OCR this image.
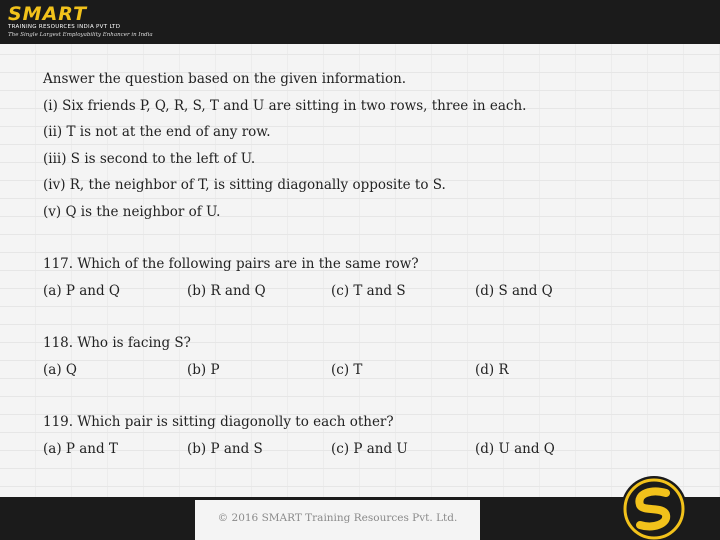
SMART
TRAINING RESOURCES INDIA PVT LTD
The Single Largest Employability Enhancer in India
Answer the question based on the given information.
(i) Six friends P, Q, R, S, T and U are sitting in two rows, three in each.
(ii) T is not at the end of any row.
(iii) S is second to the left of U.
(iv) R, the neighbor of T, is sitting diagonally opposite to S.
(v) Q is the neighbor of U.
117. Which of the following pairs are in the same row?
(a) P and Q	(b) R and Q	(c) T and S	(d) S and Q
118. Who is facing S?
(a) Q	(b) P	(c) T	(d) R
119. Which pair is sitting diagonolly to each other?
(a) P and T	(b) P and S	(c) P and U	(d) U and Q
© 2016 SMART Training Resources Pvt. Ltd.
